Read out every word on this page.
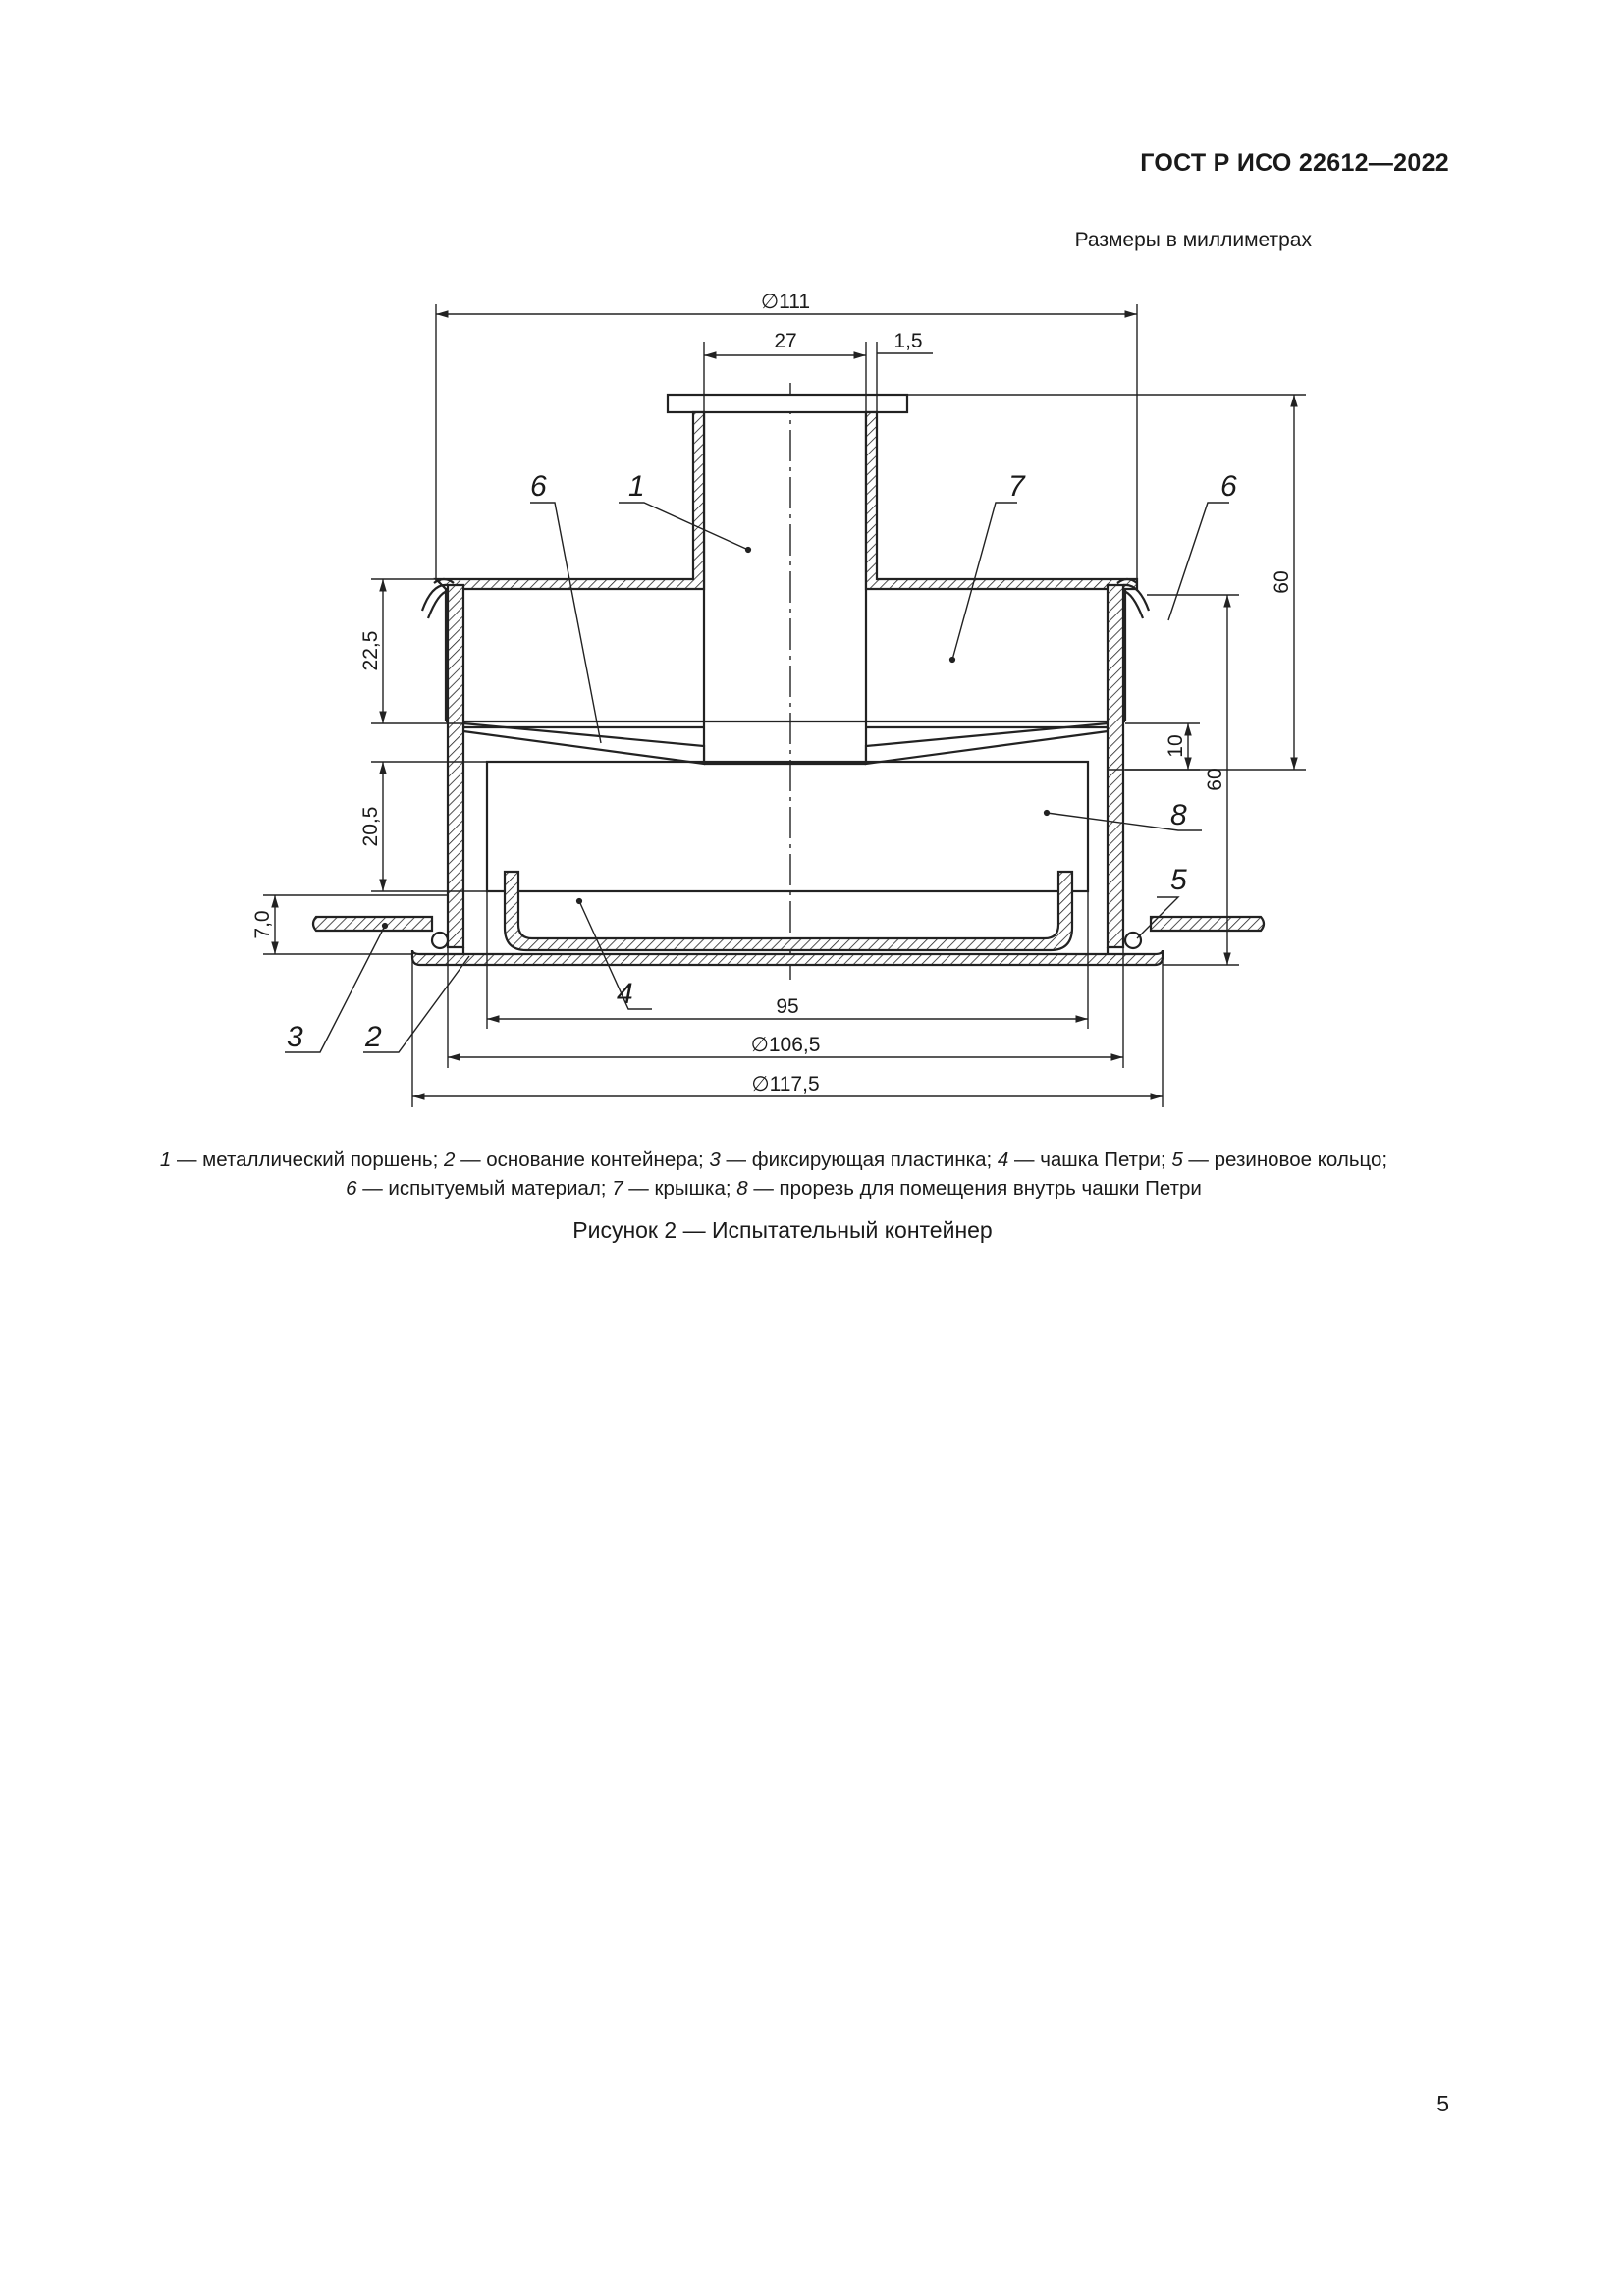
ГОСТ Р ИСО 22612—2022
Размеры в миллиметрах
∅111
27	1,5
60
60
10
22,5
20,5
7,0
95
∅106,5
∅117,5
1
6	7	6
8
5
4
3 2
1 — металлический поршень; 2 — основание контейнера; 3 — фиксирующая пластинка; 4 — чашка Петри; 5 — резиновое кольцо;
6 — испытуемый материал; 7 — крышка; 8 — прорезь для помещения внутрь чашки Петри
Рисунок 2 — Испытательный контейнер
5
